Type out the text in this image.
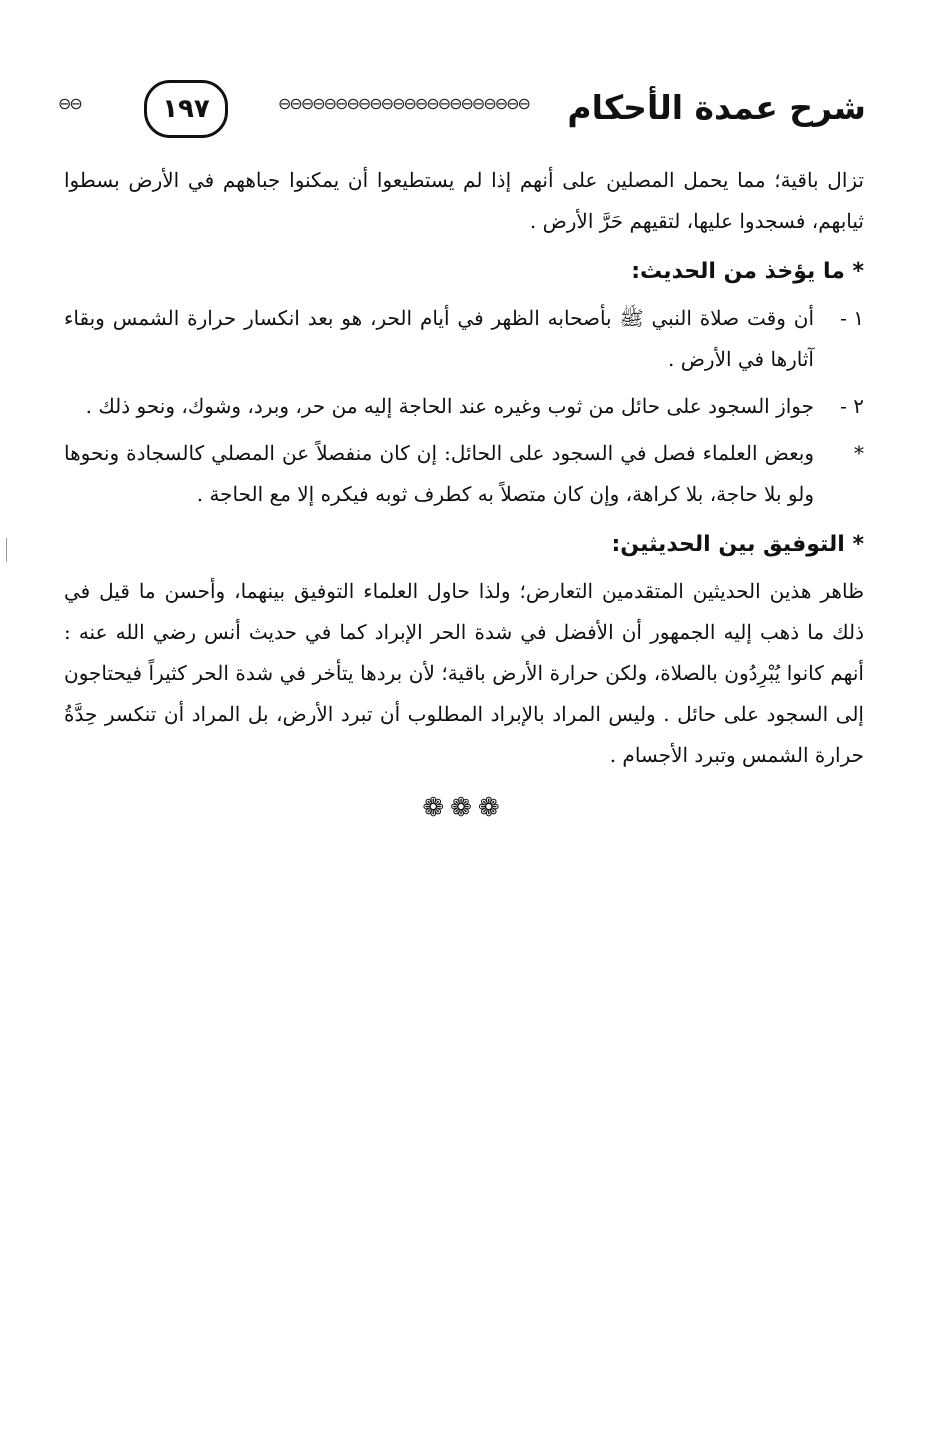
شرح عمدة الأحكام
⊖⊖⊖⊖⊖⊖⊖⊖⊖⊖⊖⊖⊖⊖⊖⊖⊖⊖⊖⊖⊖⊖
١٩٧
⊖⊖

تزال باقية؛ مما يحمل المصلين على أنهم إذا لم يستطيعوا أن يمكنوا جباههم في الأرض بسطوا ثيابهم، فسجدوا عليها، لتقيهم حَرَّ الأرض .

* ما يؤخذ من الحديث:

١ -
أن وقت صلاة النبي ﷺ بأصحابه الظهر في أيام الحر، هو بعد انكسار حرارة الشمس وبقاء آثارها في الأرض .
٢ -
جواز السجود على حائل من ثوب وغيره عند الحاجة إليه من حر، وبرد، وشوك، ونحو ذلك .
*
وبعض العلماء فصل في السجود على الحائل: إن كان منفصلاً عن المصلي كالسجادة ونحوها ولو بلا حاجة، بلا كراهة، وإن كان متصلاً به كطرف ثوبه فيكره إلا مع الحاجة .

* التوفيق بين الحديثين:

ظاهر هذين الحديثين المتقدمين التعارض؛ ولذا حاول العلماء التوفيق بينهما، وأحسن ما قيل في ذلك ما ذهب إليه الجمهور أن الأفضل في شدة الحر الإبراد كما في حديث أنس رضي الله عنه : أنهم كانوا يُبْرِدُون بالصلاة، ولكن حرارة الأرض باقية؛ لأن بردها يتأخر في شدة الحر كثيراً فيحتاجون إلى السجود على حائل . وليس المراد بالإبراد المطلوب أن تبرد الأرض، بل المراد أن تنكسر حِدَّةُ حرارة الشمس وتبرد الأجسام .

❁❁❁
